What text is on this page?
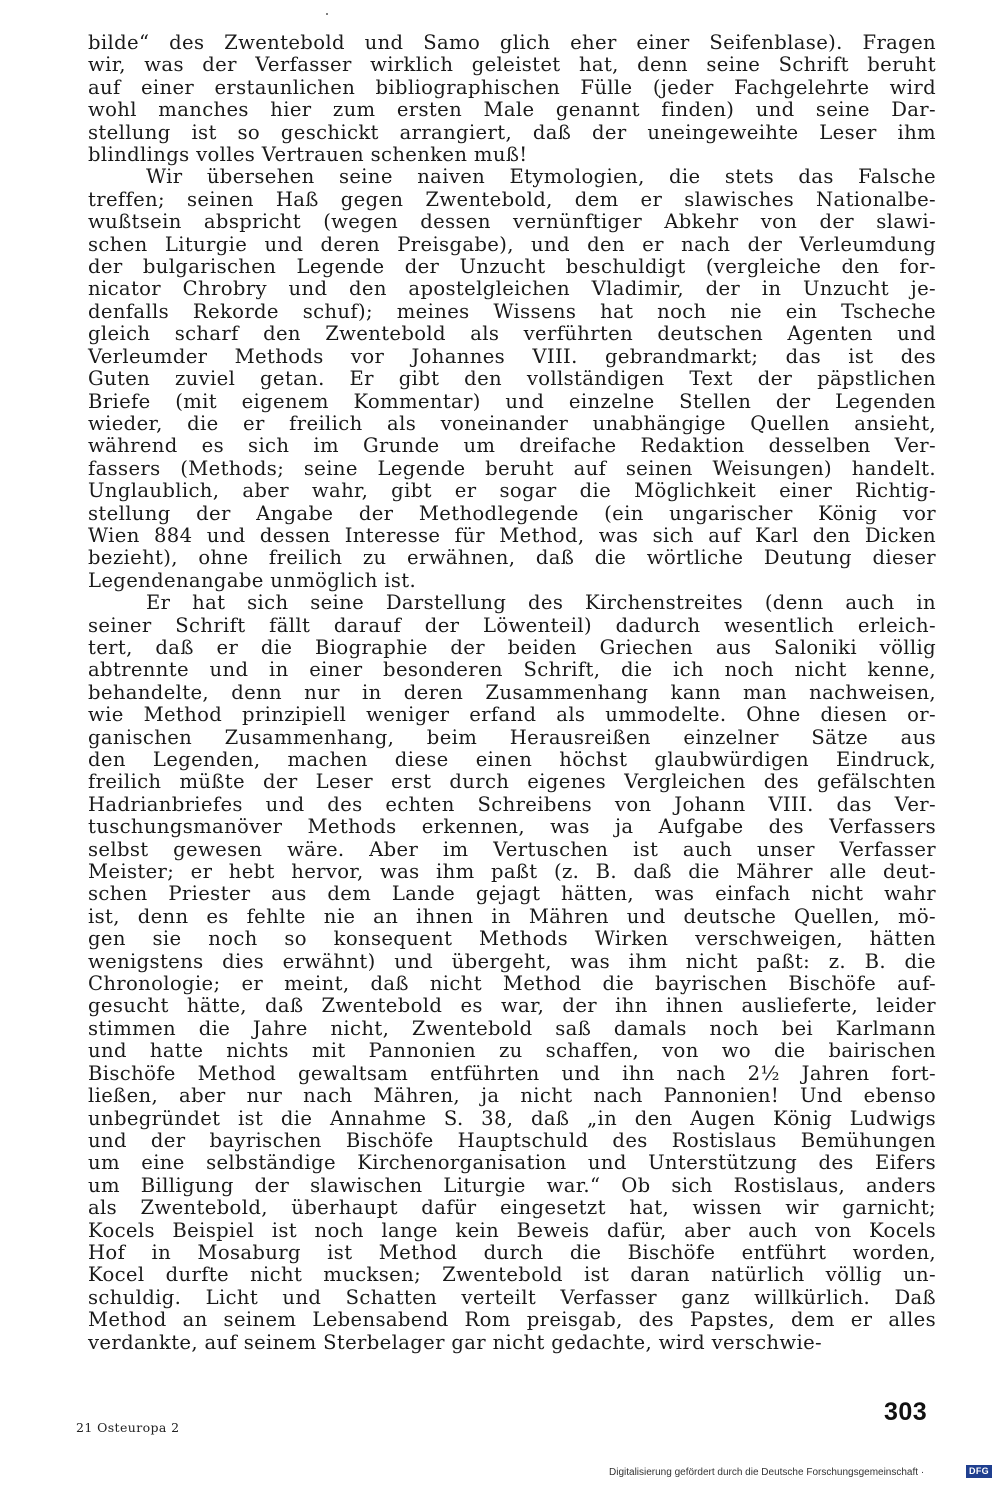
bilde“ des Zwentebold und Samo glich eher einer Seifenblase). Fragen
wir, was der Verfasser wirklich geleistet hat, denn seine Schrift beruht
auf einer erstaunlichen bibliographischen Fülle (jeder Fachgelehrte wird
wohl manches hier zum ersten Male genannt finden) und seine Dar-
stellung ist so geschickt arrangiert, daß der uneingeweihte Leser ihm
blindlings volles Vertrauen schenken muß!
Wir übersehen seine naiven Etymologien, die stets das Falsche
treffen; seinen Haß gegen Zwentebold, dem er slawisches Nationalbe-
wußtsein abspricht (wegen dessen vernünftiger Abkehr von der slawi-
schen Liturgie und deren Preisgabe), und den er nach der Verleumdung
der bulgarischen Legende der Unzucht beschuldigt (vergleiche den for-
nicator Chrobry und den apostelgleichen Vladimir, der in Unzucht je-
denfalls Rekorde schuf); meines Wissens hat noch nie ein Tscheche
gleich scharf den Zwentebold als verführten deutschen Agenten und
Verleumder Methods vor Johannes VIII. gebrandmarkt; das ist des
Guten zuviel getan. Er gibt den vollständigen Text der päpstlichen
Briefe (mit eigenem Kommentar) und einzelne Stellen der Legenden
wieder, die er freilich als voneinander unabhängige Quellen ansieht,
während es sich im Grunde um dreifache Redaktion desselben Ver-
fassers (Methods; seine Legende beruht auf seinen Weisungen) handelt.
Unglaublich, aber wahr, gibt er sogar die Möglichkeit einer Richtig-
stellung der Angabe der Methodlegende (ein ungarischer König vor
Wien 884 und dessen Interesse für Method, was sich auf Karl den Dicken
bezieht), ohne freilich zu erwähnen, daß die wörtliche Deutung dieser
Legendenangabe unmöglich ist.
Er hat sich seine Darstellung des Kirchenstreites (denn auch in
seiner Schrift fällt darauf der Löwenteil) dadurch wesentlich erleich-
tert, daß er die Biographie der beiden Griechen aus Saloniki völlig
abtrennte und in einer besonderen Schrift, die ich noch nicht kenne,
behandelte, denn nur in deren Zusammenhang kann man nachweisen,
wie Method prinzipiell weniger erfand als ummodelte. Ohne diesen or-
ganischen Zusammenhang, beim Herausreißen einzelner Sätze aus
den Legenden, machen diese einen höchst glaubwürdigen Eindruck,
freilich müßte der Leser erst durch eigenes Vergleichen des gefälschten
Hadrianbriefes und des echten Schreibens von Johann VIII. das Ver-
tuschungsmanöver Methods erkennen, was ja Aufgabe des Verfassers
selbst gewesen wäre. Aber im Vertuschen ist auch unser Verfasser
Meister; er hebt hervor, was ihm paßt (z. B. daß die Mährer alle deut-
schen Priester aus dem Lande gejagt hätten, was einfach nicht wahr
ist, denn es fehlte nie an ihnen in Mähren und deutsche Quellen, mö-
gen sie noch so konsequent Methods Wirken verschweigen, hätten
wenigstens dies erwähnt) und übergeht, was ihm nicht paßt: z. B. die
Chronologie; er meint, daß nicht Method die bayrischen Bischöfe auf-
gesucht hätte, daß Zwentebold es war, der ihn ihnen auslieferte, leider
stimmen die Jahre nicht, Zwentebold saß damals noch bei Karlmann
und hatte nichts mit Pannonien zu schaffen, von wo die bairischen
Bischöfe Method gewaltsam entführten und ihn nach 2½ Jahren fort-
ließen, aber nur nach Mähren, ja nicht nach Pannonien! Und ebenso
unbegründet ist die Annahme S. 38, daß „in den Augen König Ludwigs
und der bayrischen Bischöfe Hauptschuld des Rostislaus Bemühungen
um eine selbständige Kirchenorganisation und Unterstützung des Eifers
um Billigung der slawischen Liturgie war.“ Ob sich Rostislaus, anders
als Zwentebold, überhaupt dafür eingesetzt hat, wissen wir garnicht;
Kocels Beispiel ist noch lange kein Beweis dafür, aber auch von Kocels
Hof in Mosaburg ist Method durch die Bischöfe entführt worden,
Kocel durfte nicht mucksen; Zwentebold ist daran natürlich völlig un-
schuldig. Licht und Schatten verteilt Verfasser ganz willkürlich. Daß
Method an seinem Lebensabend Rom preisgab, des Papstes, dem er alles
verdankte, auf seinem Sterbelager gar nicht gedachte, wird verschwie-
303
21 Osteuropa 2
Digitalisierung gefördert durch die Deutsche Forschungsgemeinschaft ·	DFG
